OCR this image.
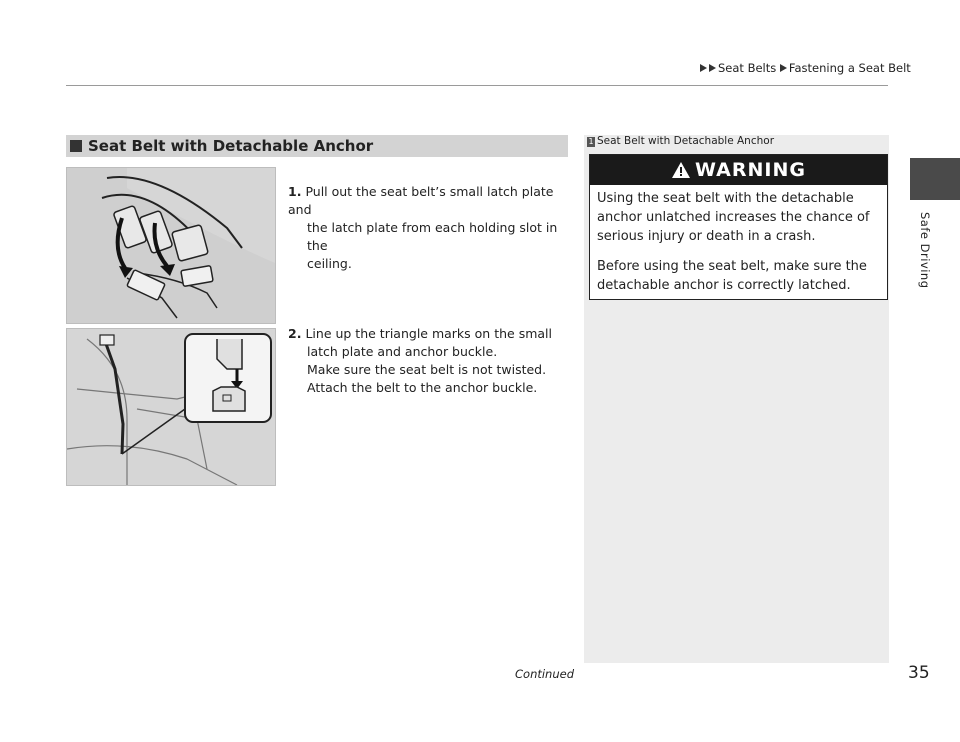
Seat Belts Fastening a Seat Belt
Safe Driving
Seat Belt with Detachable Anchor
1. Pull out the seat belt’s small latch plate and
the latch plate from each holding slot in the
ceiling.
2. Line up the triangle marks on the small
latch plate and anchor buckle.
Make sure the seat belt is not twisted.
Attach the belt to the anchor buckle.
1 Seat Belt with Detachable Anchor
WARNING

Using the seat belt with the detachable anchor unlatched increases the chance of serious injury or death in a crash.

Before using the seat belt, make sure the detachable anchor is correctly latched.

Continued	35
